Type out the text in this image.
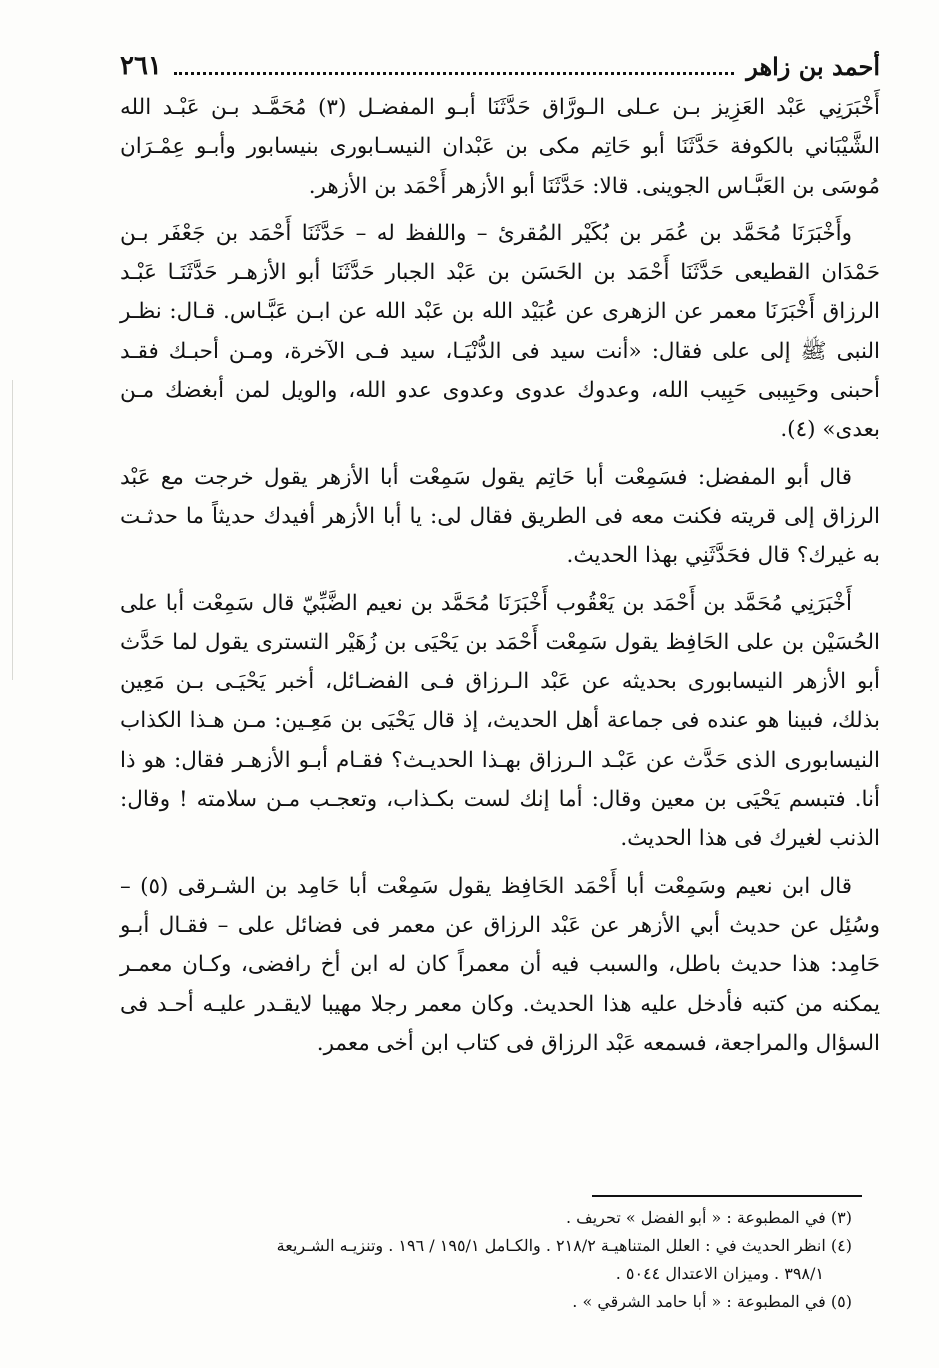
أحمد بن زاهر
٢٦١

أَخْبَرَنِي عَبْد العَزِيز بـن عـلى الـورَّاق حَدَّثَنَا أبـو المفضـل (٣) مُحَمَّـد بـن عَبْـد الله الشَّيْبَاني بالكوفة حَدَّثَنَا أبو حَاتِم مكى بن عَبْدان النيسـابورى بنيسابور وأبـو عِمْـرَان مُوسَى بن العَبَّـاس الجوينى. قالا: حَدَّثَنَا أبو الأزهر أَحْمَد بن الأزهر.

وأَخْبَرَنَا مُحَمَّد بن عُمَر بن بُكَيْر المُقرئ – واللفظ له – حَدَّثَنَا أَحْمَد بن جَعْفَر بـن حَمْدَان القطيعى حَدَّثَنَا أَحْمَد بن الحَسَن بن عَبْد الجبار حَدَّثَنَا أبو الأزهـر حَدَّثَنَـا عَبْـد الرزاق أَخْبَرَنَا معمر عن الزهرى عن عُبَيْد الله بن عَبْد الله عن ابـن عَبَّـاس. قـال: نظـر النبى ﷺ إلى على فقال: «أنت سيد فى الدُّنْيَـا، سيد فـى الآخرة، ومـن أحبـك فقـد أحبنى وحَبِيبى حَبِيب الله، وعدوك عدوى وعدوى عدو الله، والويل لمن أبغضك مـن بعدى» (٤).

قال أبو المفضل: فسَمِعْت أبا حَاتِم يقول سَمِعْت أبا الأزهر يقول خرجت مع عَبْد الرزاق إلى قريته فكنت معه فى الطريق فقال لى: يا أبا الأزهر أفيدك حديثاً ما حدثـت به غيرك؟ قال فحَدَّثَنِي بهذا الحديث.

أَخْبَرَنِي مُحَمَّد بن أَحْمَد بن يَعْقُوب أَخْبَرَنَا مُحَمَّد بن نعيم الضَّبِّيّ قال سَمِعْت أبا على الحُسَيْن بن على الحَافِظ يقول سَمِعْت أَحْمَد بن يَحْيَى بن زُهَيْر التسترى يقول لما حَدَّث أبو الأزهر النيسابورى بحديثه عن عَبْد الـرزاق فـى الفضـائل، أخبر يَحْيَـى بـن مَعِين بذلك، فبينا هو عنده فى جماعة أهل الحديث، إذ قال يَحْيَى بن مَعِـين: مـن هـذا الكذاب النيسابورى الذى حَدَّث عن عَبْـد الـرزاق بهـذا الحديـث؟ فقـام أبـو الأزهـر فقال: هو ذا أنا. فتبسم يَحْيَى بن معين وقال: أما إنك لست بكـذاب، وتعجـب مـن سلامته ! وقال: الذنب لغيرك فى هذا الحديث.

قال ابن نعيم وسَمِعْت أبا أَحْمَد الحَافِظ يقول سَمِعْت أبا حَامِد بن الشـرقى (٥) – وسُئِل عن حديث أبي الأزهر عن عَبْد الرزاق عن معمر فى فضائل على – فقـال أبـو حَامِد: هذا حديث باطل، والسبب فيه أن معمراً كان له ابن أخ رافضى، وكـان معمـر يمكنه من كتبه فأدخل عليه هذا الحديث. وكان معمر رجلا مهيبا لايقـدر عليـه أحـد فى السؤال والمراجعة، فسمعه عَبْد الرزاق فى كتاب ابن أخى معمر.

(٣) في المطبوعة : « أبو الفضل » تحريف .

(٤) انظر الحديث في : العلل المتناهيـة ٢١٨/٢ . والكـامل ١٩٥/١ / ١٩٦ . وتنزيـه الشـريعة

٣٩٨/١ . وميزان الاعتدال ٥٠٤٤ .

(٥) في المطبوعة : « أبا حامد الشرقي » .
